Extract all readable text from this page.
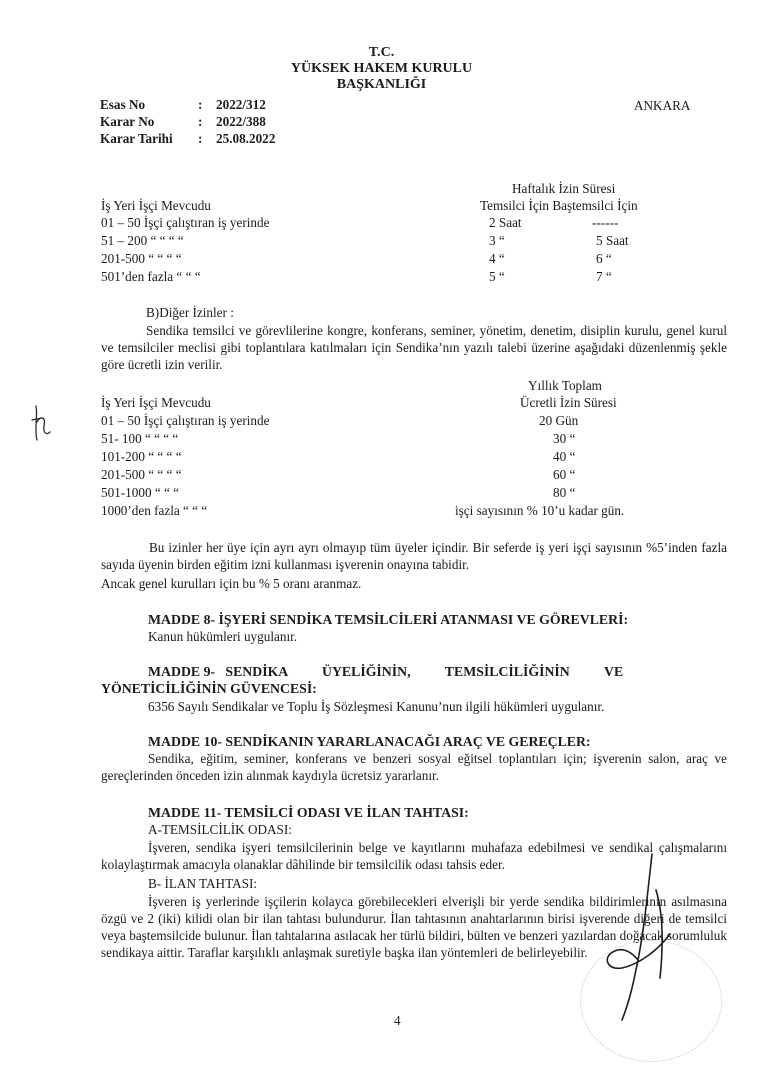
T.C.
YÜKSEK HAKEM KURULU
BAŞKANLIĞI
ANKARA
Esas No	: 2022/312
Karar No	: 2022/388
Karar Tarihi : 25.08.2022
Haftalık İzin Süresi
İş Yeri İşçi Mevcudu	Temsilci İçin Baştemsilci İçin
01 – 50 İşçi çalıştıran iş yerinde	2 Saat	------
51 – 200 “ “ “ “	3 “	5 Saat
201-500 “ “ “ “	4 “	6 “
501’den fazla “ “ “	5 “	7 “
B)Diğer İzinler :
Sendika temsilci ve görevlilerine kongre, konferans, seminer, yönetim, denetim, disiplin kurulu, genel kurul ve temsilciler meclisi gibi toplantılara katılmaları için Sendika’nın yazılı talebi üzerine aşağıdaki düzenlenmiş şekle göre ücretli izin verilir.
Yıllık Toplam
İş Yeri İşçi Mevcudu	Ücretli İzin Süresi
01 – 50 İşçi çalıştıran iş yerinde	20 Gün
51- 100 “ “ “ “	30 “
101-200 “ “ “ “	40 “
201-500 “ “ “ “	60 “
501-1000 “ “ “	80 “
1000’den fazla “ “ “	işçi sayısının % 10’u kadar gün.
Bu izinler her üye için ayrı ayrı olmayıp tüm üyeler içindir. Bir seferde iş yeri işçi sayısının %5’inden fazla sayıda üyenin birden eğitim izni kullanması işverenin onayına tabidir.
Ancak genel kurulları için bu % 5 oranı aranmaz.
MADDE 8- İŞYERİ SENDİKA TEMSİLCİLERİ ATANMASI VE GÖREVLERİ:
Kanun hükümleri uygulanır.
MADDE 9-   SENDİKA          ÜYELİĞİNİN,          TEMSİLCİLİĞİNİN          VE
YÖNETİCİLİĞİNİN GÜVENCESİ:
6356 Sayılı Sendikalar ve Toplu İş Sözleşmesi Kanunu’nun ilgili hükümleri uygulanır.
MADDE 10- SENDİKANIN YARARLANACAĞI ARAÇ VE GEREÇLER:
Sendika, eğitim, seminer, konferans ve benzeri sosyal eğitsel toplantıları için; işverenin salon, araç ve gereçlerinden önceden izin alınmak kaydıyla ücretsiz yararlanır.
MADDE 11- TEMSİLCİ ODASI VE İLAN TAHTASI:
A-TEMSİLCİLİK ODASI:
İşveren, sendika işyeri temsilcilerinin belge ve kayıtlarını muhafaza edebilmesi ve sendikal çalışmalarını kolaylaştırmak amacıyla olanaklar dâhilinde bir temsilcilik odası tahsis eder.
B- İLAN TAHTASI:
İşveren iş yerlerinde işçilerin kolayca görebilecekleri elverişli bir yerde sendika bildirimlerinin asılmasına özgü ve 2 (iki) kilidi olan bir ilan tahtası bulundurur. İlan tahtasının anahtarlarının birisi işverende diğeri de temsilci veya baştemsilcide bulunur. İlan tahtalarına asılacak her türlü bildiri, bülten ve benzeri yazılardan doğacak sorumluluk sendikaya aittir. Taraflar karşılıklı anlaşmak suretiyle başka ilan yöntemleri de belirleyebilir.
4
